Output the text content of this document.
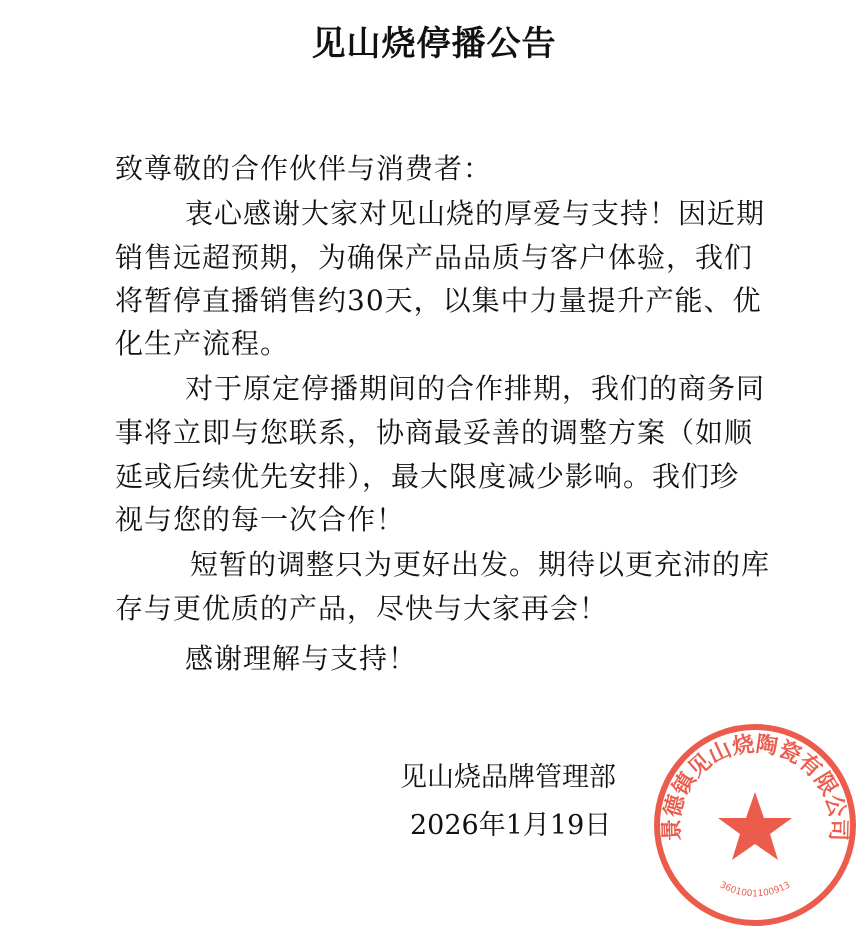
见山烧停播公告
致尊敬的合作伙伴与消费者：
衷心感谢大家对见山烧的厚爱与支持！因近期
销售远超预期，为确保产品品质与客户体验，我们
将暂停直播销售约30天，以集中力量提升产能、优
化生产流程。
对于原定停播期间的合作排期，我们的商务同
事将立即与您联系，协商最妥善的调整方案（如顺
延或后续优先安排），最大限度减少影响。我们珍
视与您的每一次合作！
短暂的调整只为更好出发。期待以更充沛的库
存与更优质的产品，尽快与大家再会！
感谢理解与支持！
景德镇见山烧陶瓷有限公司
3601001100913
见山烧品牌管理部
2026年1月19日
